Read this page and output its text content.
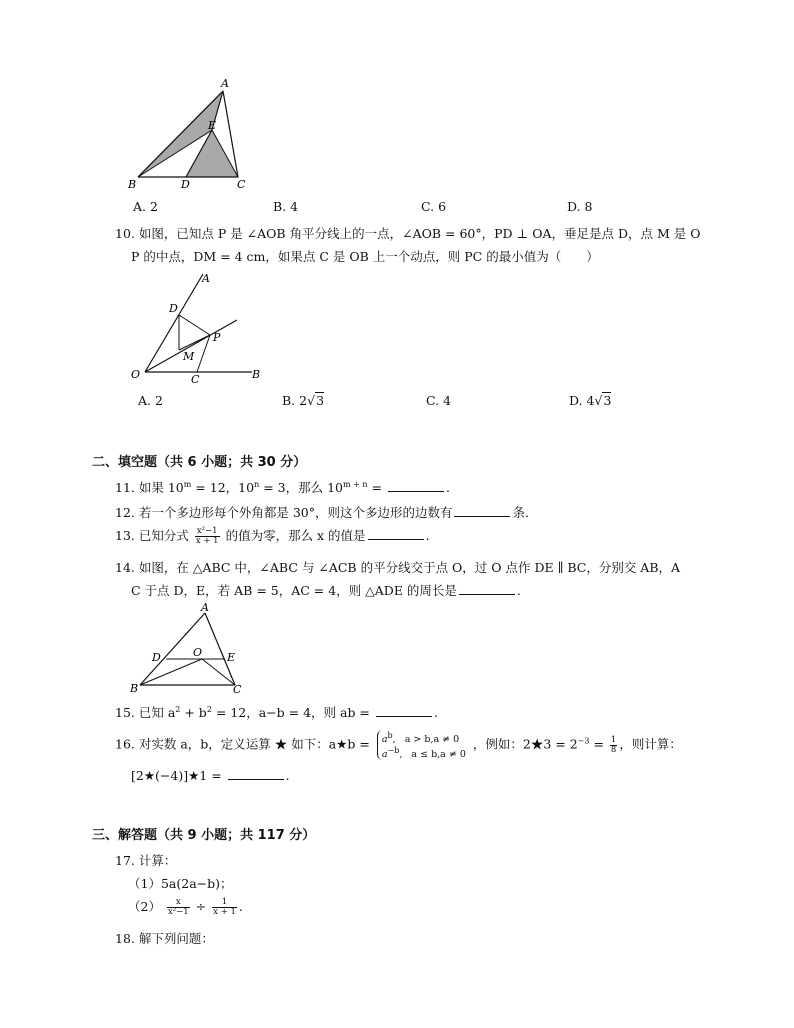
A
E
B	D	C
A. 2	B. 4	C. 6	D. 8
10. 如图，已知点 P 是 ∠AOB 角平分线上的一点，∠AOB = 60°，PD ⊥ OA，垂足是点 D，点 M 是 O
P 的中点，DM = 4 cm，如果点 C 是 OB 上一个动点，则 PC 的最小值为（　　）
A
D
P
M
O	C	B
A. 2	B. 2√3	C. 4	D. 4√3
二、填空题（共 6 小题；共 30 分）
11. 如果 $10^m = 12$，$10^n = 3$，那么 $10^{m + n}$ =	.
12. 若一个多边形每个外角都是 30°，则这个多边形的边数有	条．
13. 已知分式 $\frac{\text{x²−1}}{x + 1}$ 的值为零，那么 x 的值是	.
14. 如图，在 △ABC 中，∠ABC 与 ∠ACB 的平分线交于点 O，过 O 点作 DE ∥ BC，分别交 AB，A
C 于点 D，E，若 AB = 5，AC = 4，则 △ADE 的周长是	.
A
D	O E
B	C
15. 已知 $a^2 + b^2 = 12$，a−b = 4，则 ab =	.
16. 对实数 a，b，定义运算 ★ 如下：a★b = $a^b$,   a > b,a ≠ 0
$a^{-b}$,   a ≤ b,a ≠ 0 ，例如：2★3 = $2^{-3} = \frac{1}{8}$ ，则计算：
[2★(−4)]★1 =	.
三、解答题（共 9 小题；共 117 分）
17. 计算：
（1）5a(2a−b)；
$(2) \frac{x}{\text{x²−1}} \div \frac{1}{x + 1}$ .
18. 解下列问题：
